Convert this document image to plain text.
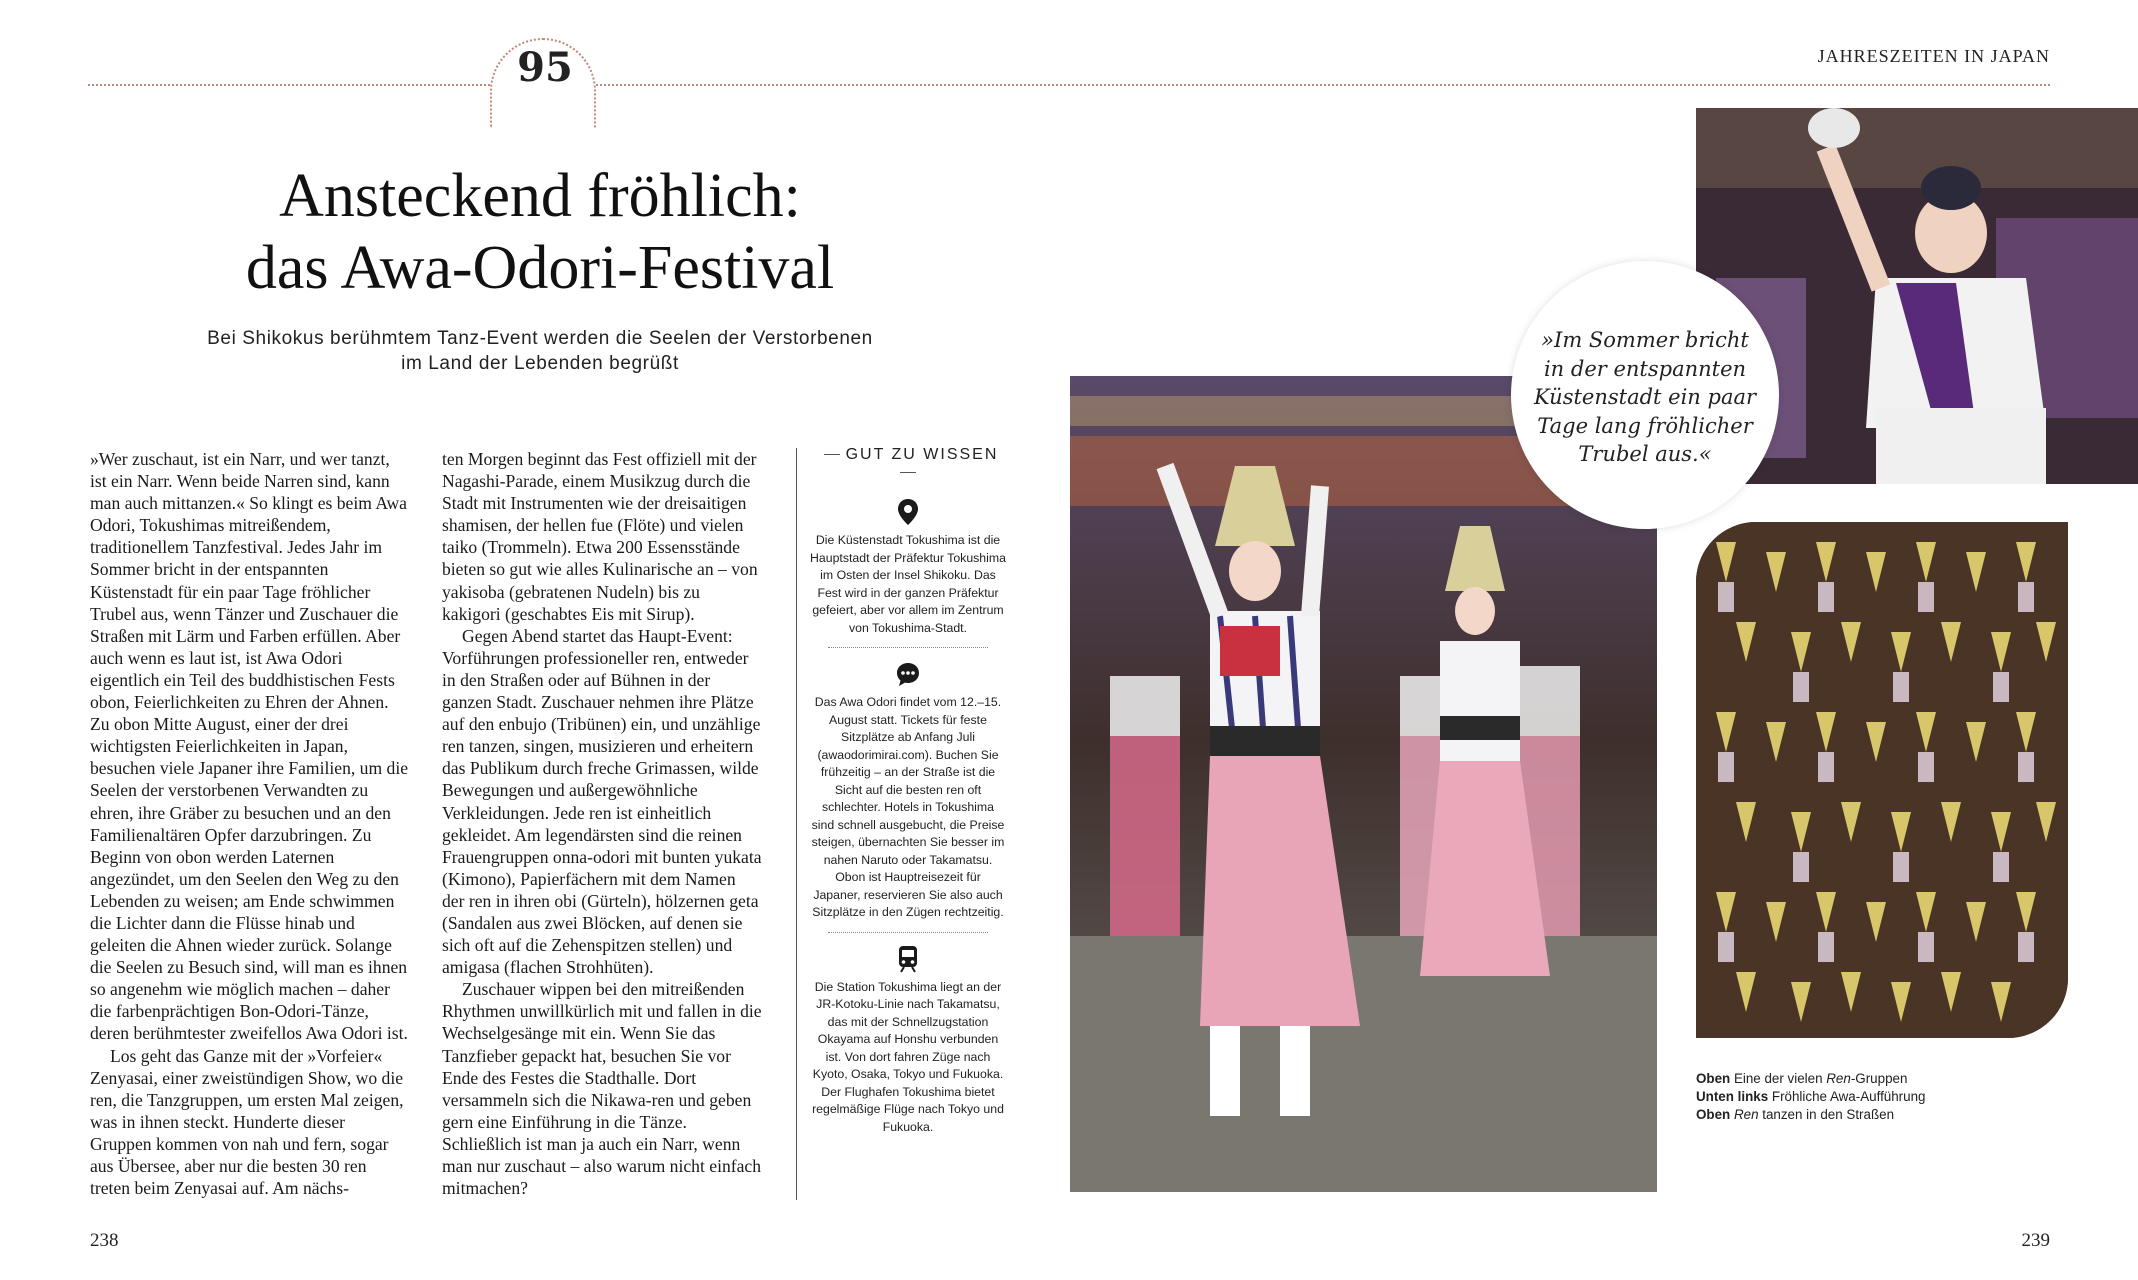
95	JAHRESZEITEN IN JAPAN
Ansteckend fröhlich:
das Awa-Odori-Festival
Bei Shikokus berühmtem Tanz-Event werden die Seelen der Verstorbenen
im Land der Lebenden begrüßt

»Wer zuschaut, ist ein Narr, und wer tanzt, ist ein Narr. Wenn beide Narren sind, kann man auch mittanzen.« So klingt es beim Awa Odori, Tokushimas mitreißendem, traditionellem Tanzfestival. Jedes Jahr im Sommer bricht in der entspannten Küstenstadt für ein paar Tage fröhlicher Trubel aus, wenn Tänzer und Zuschauer die Straßen mit Lärm und Farben erfüllen. Aber auch wenn es laut ist, ist Awa Odori eigentlich ein Teil des buddhistischen Fests obon, Feierlichkeiten zu Ehren der Ahnen. Zu obon Mitte August, einer der drei wichtigsten Feierlichkeiten in Japan, besuchen viele Japaner ihre Familien, um die Seelen der verstorbenen Verwandten zu ehren, ihre Gräber zu besuchen und an den Familienaltären Opfer darzubringen. Zu Beginn von obon werden Laternen angezündet, um den Seelen den Weg zu den Lebenden zu weisen; am Ende schwimmen die Lichter dann die Flüsse hinab und geleiten die Ahnen wieder zurück. Solange die Seelen zu Besuch sind, will man es ihnen so angenehm wie möglich machen – daher die farbenprächtigen Bon-Odori-Tänze, deren berühmtester zweifellos Awa Odori ist.

Los geht das Ganze mit der »Vorfeier« Zenyasai, einer zweistündigen Show, wo die ren, die Tanzgruppen, um ersten Mal zeigen, was in ihnen steckt. Hunderte dieser Gruppen kommen von nah und fern, sogar aus Übersee, aber nur die besten 30 ren treten beim Zenyasai auf. Am nächs-

ten Morgen beginnt das Fest offiziell mit der Nagashi-Parade, einem Musikzug durch die Stadt mit Instrumenten wie der dreisaitigen shamisen, der hellen fue (Flöte) und vielen taiko (Trommeln). Etwa 200 Essensstände bieten so gut wie alles Kulinarische an – von yakisoba (gebratenen Nudeln) bis zu kakigori (geschabtes Eis mit Sirup).

Gegen Abend startet das Haupt-Event: Vorführungen professioneller ren, entweder in den Straßen oder auf Bühnen in der ganzen Stadt. Zuschauer nehmen ihre Plätze auf den enbujo (Tribünen) ein, und unzählige ren tanzen, singen, musizieren und erheitern das Publikum durch freche Grimassen, wilde Bewegungen und außergewöhnliche Verkleidungen. Jede ren ist einheitlich gekleidet. Am legendärsten sind die reinen Frauengruppen onna-odori mit bunten yukata (Kimono), Papierfächern mit dem Namen der ren in ihren obi (Gürteln), hölzernen geta (Sandalen aus zwei Blöcken, auf denen sie sich oft auf die Zehenspitzen stellen) und amigasa (flachen Strohhüten).

Zuschauer wippen bei den mitreißenden Rhythmen unwillkürlich mit und fallen in die Wechselgesänge mit ein. Wenn Sie das Tanzfieber gepackt hat, besuchen Sie vor Ende des Festes die Stadthalle. Dort versammeln sich die Nikawa-ren und geben gern eine Einführung in die Tänze. Schließlich ist man ja auch ein Narr, wenn man nur zuschaut – also warum nicht einfach mitmachen?

GUT ZU WISSEN

Die Küstenstadt Tokushima ist die Hauptstadt der Präfektur Tokushima im Osten der Insel Shikoku. Das Fest wird in der ganzen Präfektur gefeiert, aber vor allem im Zentrum von Tokushima-Stadt.

Das Awa Odori findet vom 12.–15. August statt. Tickets für feste Sitzplätze ab Anfang Juli (awaodorimirai.com). Buchen Sie frühzeitig – an der Straße ist die Sicht auf die besten ren oft schlechter. Hotels in Tokushima sind schnell ausgebucht, die Preise steigen, übernachten Sie besser im nahen Naruto oder Takamatsu. Obon ist Hauptreisezeit für Japaner, reservieren Sie also auch Sitzplätze in den Zügen rechtzeitig.

Die Station Tokushima liegt an der JR-Kotoku-Linie nach Takamatsu, das mit der Schnellzugstation Okayama auf Honshu verbunden ist. Von dort fahren Züge nach Kyoto, Osaka, Tokyo und Fukuoka. Der Flughafen Tokushima bietet regelmäßige Flüge nach Tokyo und Fukuoka.

»Im Sommer bricht in der entspannten Küstenstadt ein paar Tage lang fröhlicher Trubel aus.«
Oben Eine der vielen Ren-Gruppen
Unten links Fröhliche Awa-Aufführung
Oben Ren tanzen in den Straßen
238	239
